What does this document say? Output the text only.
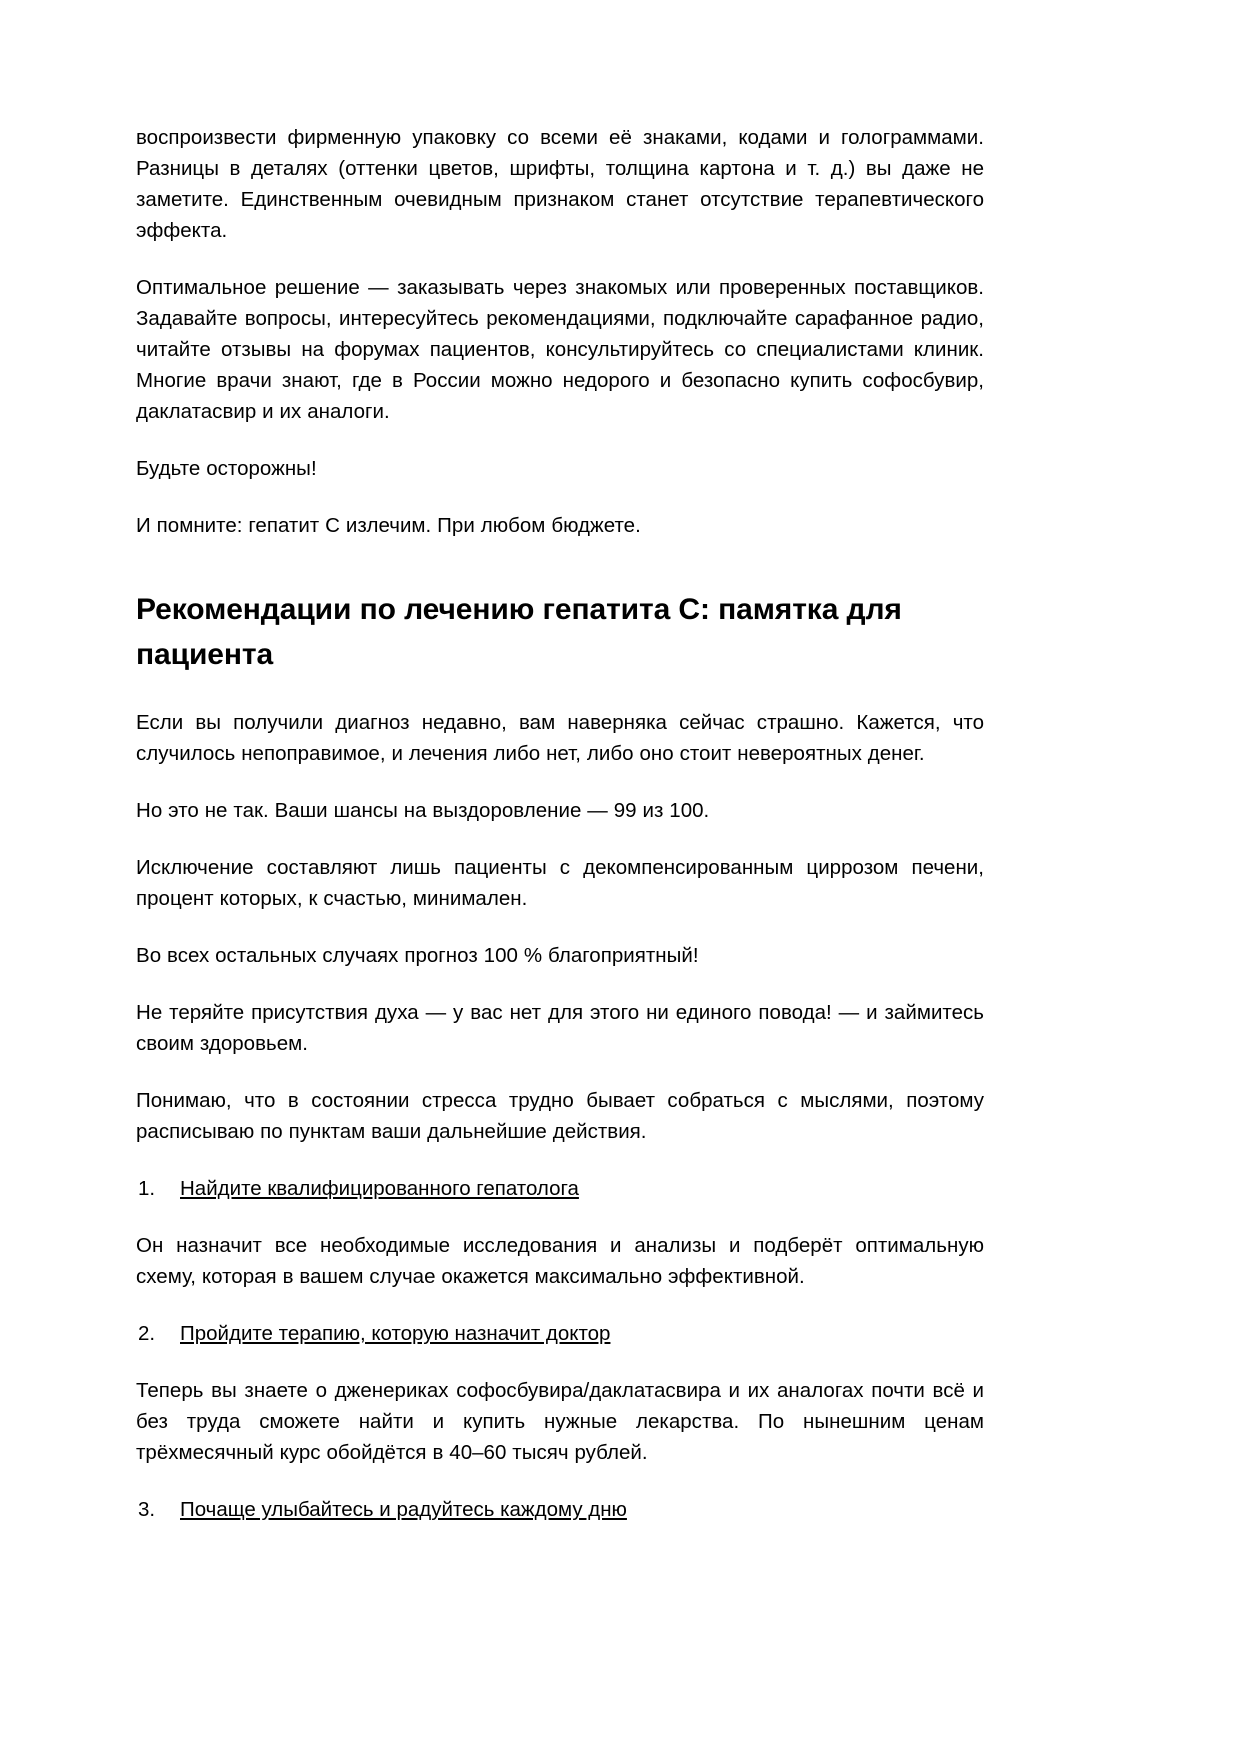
воспроизвести фирменную упаковку со всеми её знаками, кодами и голограммами. Разницы в деталях (оттенки цветов, шрифты, толщина картона и т. д.) вы даже не заметите. Единственным очевидным признаком станет отсутствие терапевтического эффекта.

Оптимальное решение — заказывать через знакомых или проверенных поставщиков. Задавайте вопросы, интересуйтесь рекомендациями, подключайте сарафанное радио, читайте отзывы на форумах пациентов, консультируйтесь со специалистами клиник. Многие врачи знают, где в России можно недорого и безопасно купить софосбувир, даклатасвир и их аналоги.

Будьте осторожны!

И помните: гепатит С излечим. При любом бюджете.

Рекомендации по лечению гепатита С: памятка для пациента

Если вы получили диагноз недавно, вам наверняка сейчас страшно. Кажется, что случилось непоправимое, и лечения либо нет, либо оно стоит невероятных денег.

Но это не так. Ваши шансы на выздоровление — 99 из 100.

Исключение составляют лишь пациенты с декомпенсированным циррозом печени, процент которых, к счастью, минимален.

Во всех остальных случаях прогноз 100 % благоприятный!

Не теряйте присутствия духа — у вас нет для этого ни единого повода! — и займитесь своим здоровьем.

Понимаю, что в состоянии стресса трудно бывает собраться с мыслями, поэтому расписываю по пунктам ваши дальнейшие действия.

1.	Найдите квалифицированного гепатолога

Он назначит все необходимые исследования и анализы и подберёт оптимальную схему, которая в вашем случае окажется максимально эффективной.

2.	Пройдите терапию, которую назначит доктор

Теперь вы знаете о дженериках софосбувира/даклатасвира и их аналогах почти всё и без труда сможете найти и купить нужные лекарства. По нынешним ценам трёхмесячный курс обойдётся в 40–60 тысяч рублей.

3.	Почаще улыбайтесь и радуйтесь каждому дню
